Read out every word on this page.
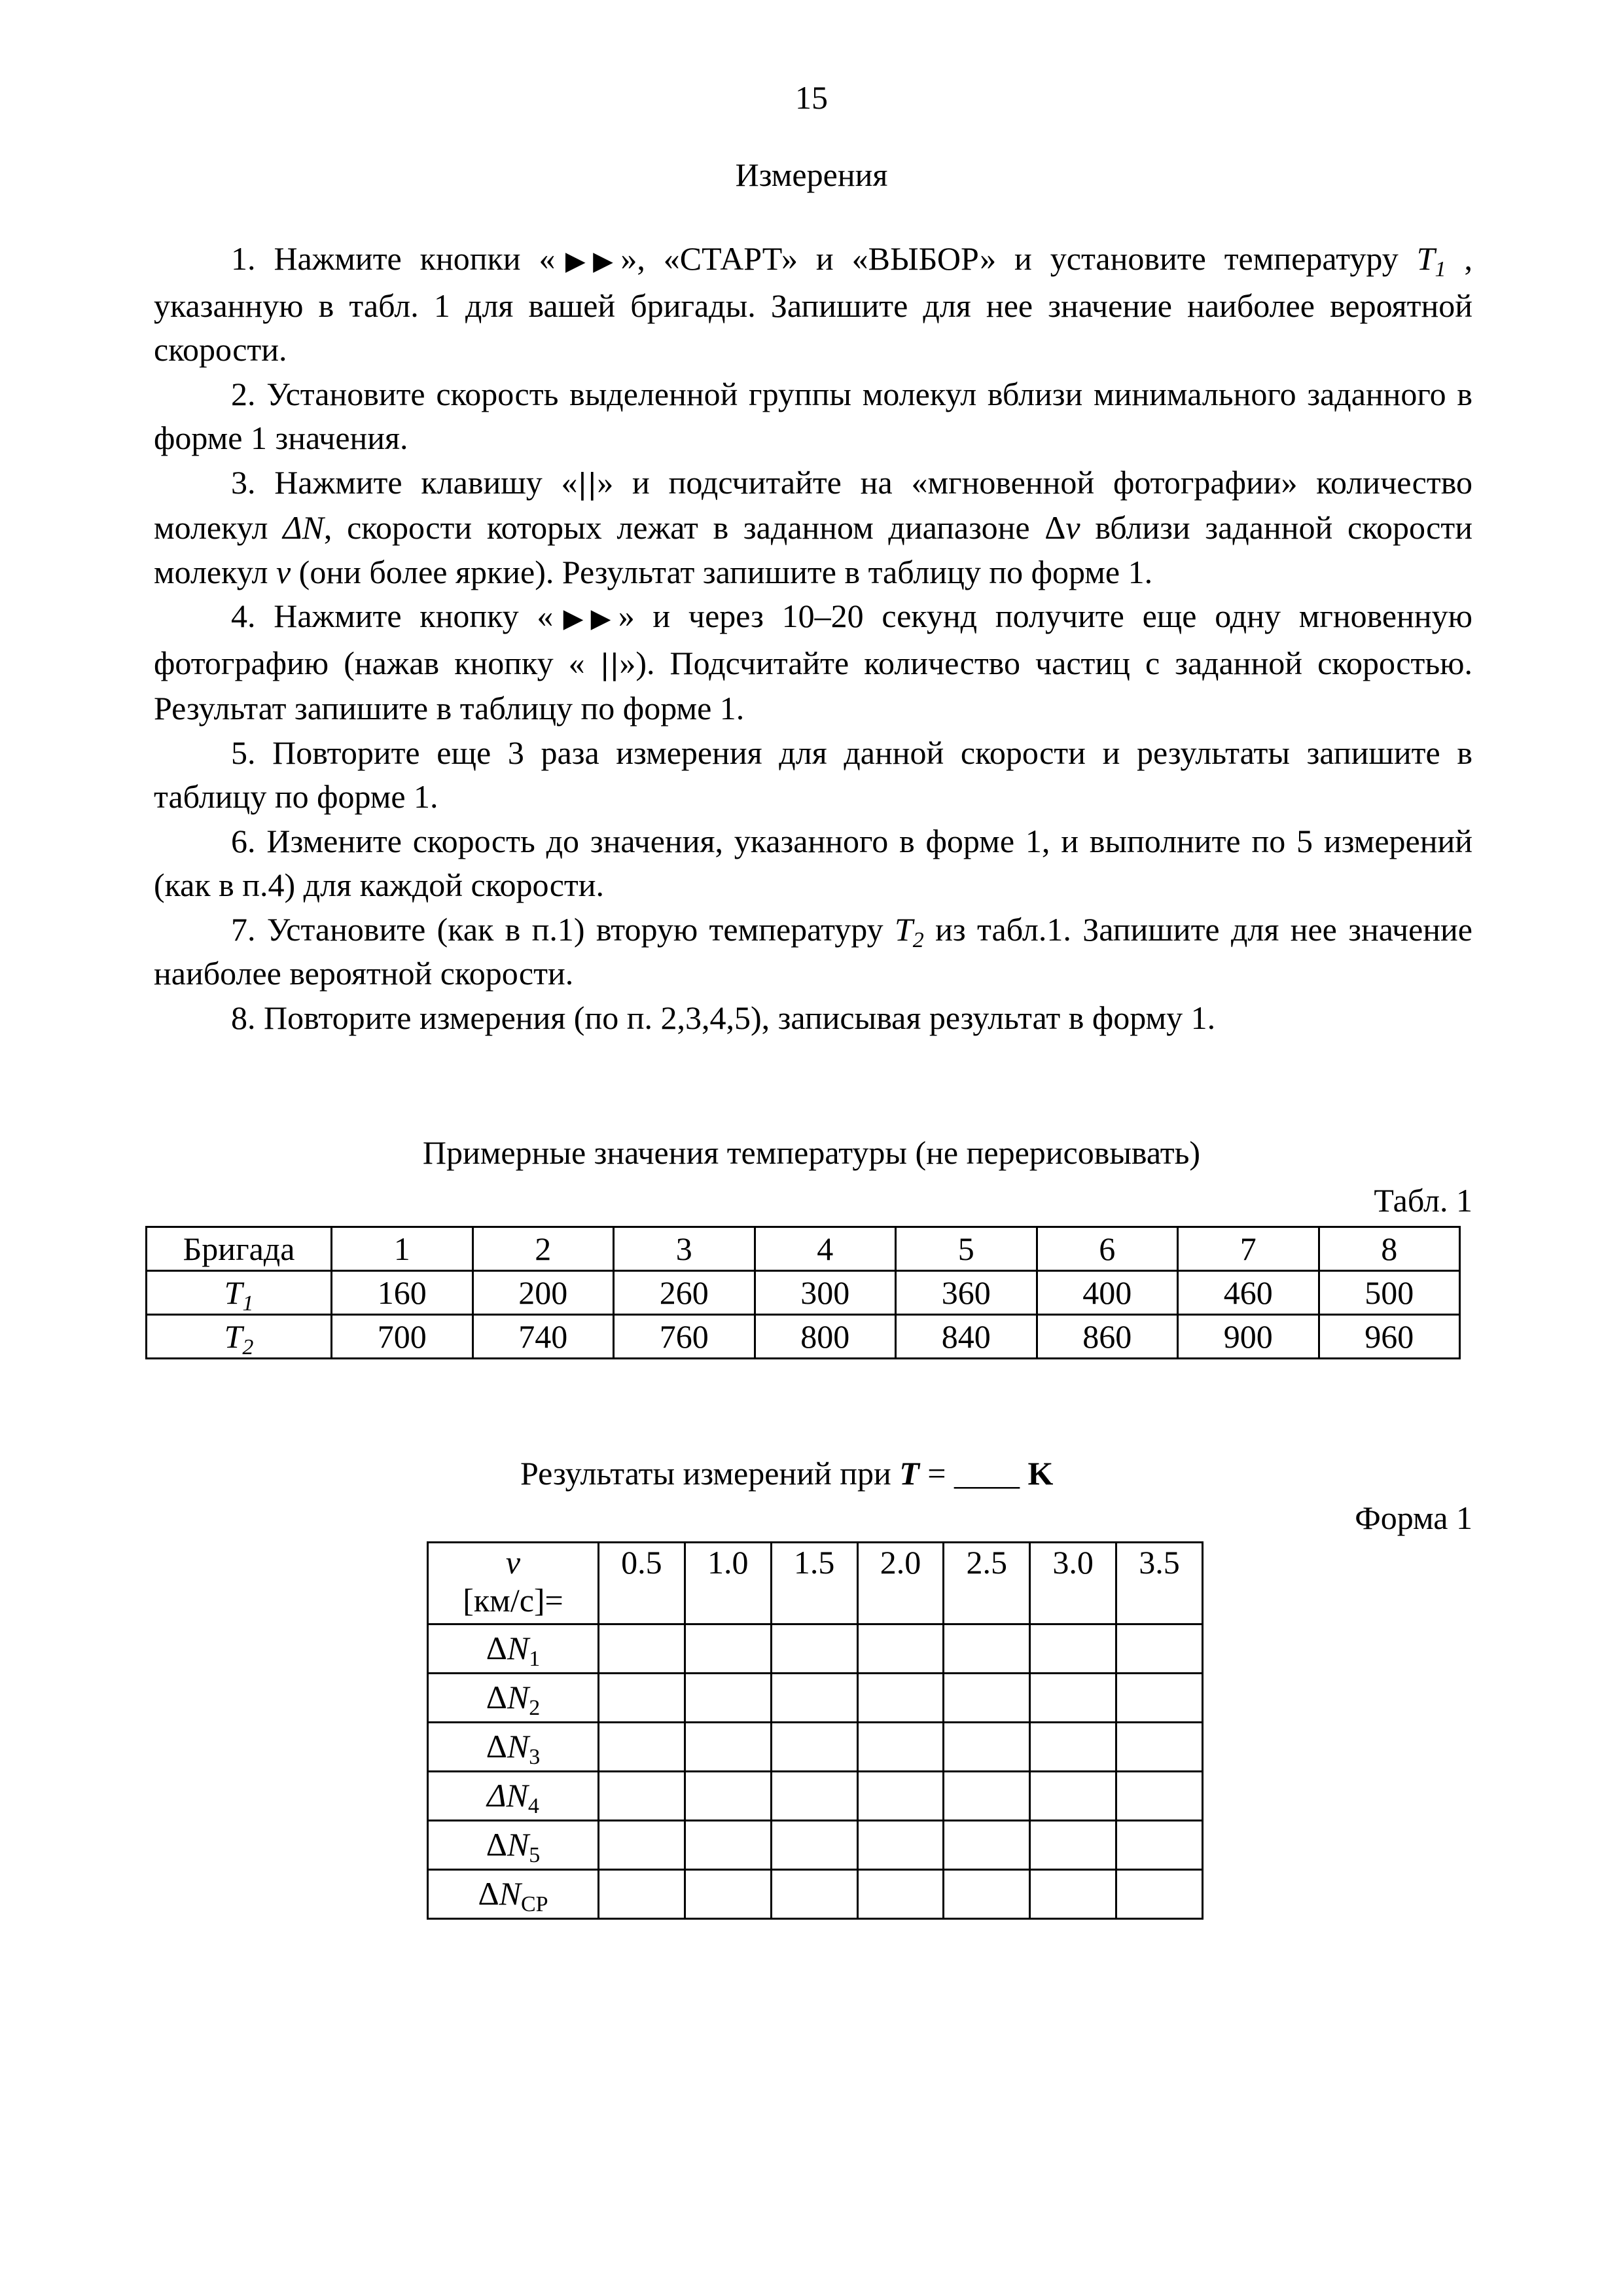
15
Измерения

1. Нажмите кнопки «▶▶», «СТАРТ» и «ВЫБОР» и установите температуру $T_1$ , указанную в табл. 1 для вашей бригады. Запишите для нее значение наиболее вероятной скорости.

2. Установите скорость выделенной группы молекул вблизи минимального заданного в форме 1 значения.

3. Нажмите клавишу «||» и подсчитайте на «мгновенной фотографии» количество молекул ΔN, скорости которых лежат в заданном диапазоне Δv вблизи заданной скорости молекул v (они более яркие). Результат запишите в таблицу по форме 1.

4. Нажмите кнопку «▶▶» и через 10–20 секунд получите еще одну мгновенную фотографию (нажав кнопку « ||»). Подсчитайте количество частиц с заданной скоростью. Результат запишите в таблицу по форме 1.

5. Повторите еще 3 раза измерения для данной скорости и результаты запишите в таблицу по форме 1.

6. Измените скорость до значения, указанного в форме 1, и выполните по 5 измерений (как в п.4) для каждой скорости.

7. Установите (как в п.1) вторую температуру $T_2$ из табл.1. Запишите для нее значение наиболее вероятной скорости.

8. Повторите измерения (по п. 2,3,4,5), записывая результат в форму 1.

Примерные значения температуры (не перерисовывать)
Табл. 1
Бригада	1	2	3	4	5	6	7	8
$T_1$	160	200	260	300	360	400	460	500
$T_2$	700	740	760	800	840	860	900	960
Результаты измерений при T = ____ K
Форма 1
v
[км/с]=	0.5	1.0	1.5	2.0	2.5	3.0	3.5
$\Delta N_1$							
$\Delta N_2$							
$\Delta N_3$							
$\Delta N_4$							
$\Delta N_5$							
$\Delta N_{CP}$							
